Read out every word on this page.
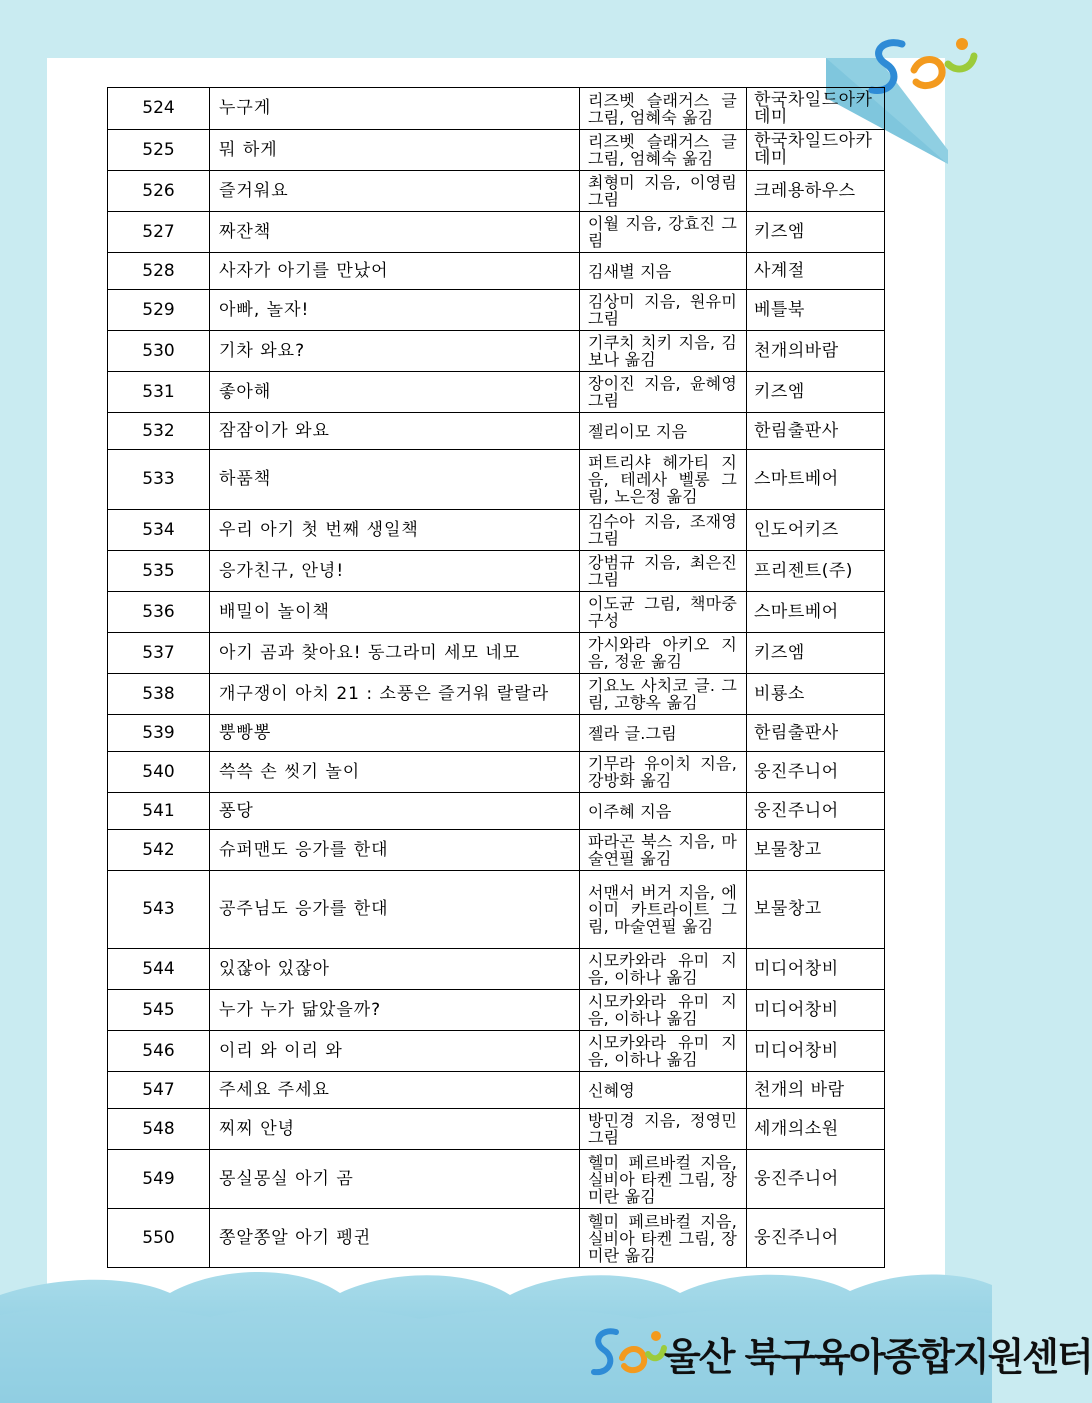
524	누구게	리즈벳 슬래거스 글 그림, 엄혜숙 옮김	한국차일드아카데미
525	뭐 하게	리즈벳 슬래거스 글 그림, 엄혜숙 옮김	한국차일드아카데미
526	즐거워요	최형미 지음, 이영림 그림	크레용하우스
527	짜잔책	이월 지음, 강효진 그림	키즈엠
528	사자가 아기를 만났어	김새별 지음	사계절
529	아빠, 놀자!	김상미 지음, 원유미 그림	베틀북
530	기차 와요?	기쿠치 치키 지음, 김보나 옮김	천개의바람
531	좋아해	장이진 지음, 윤혜영 그림	키즈엠
532	잠잠이가 와요	젤리이모 지음	한림출판사
533	하품책	퍼트리샤 헤가티 지음, 테레사 벨롱 그림, 노은정 옮김	스마트베어
534	우리 아기 첫 번째 생일책	김수아 지음, 조재영 그림	인도어키즈
535	응가친구, 안녕!	강범규 지음, 최은진 그림	프리젠트(주)
536	배밀이 놀이책	이도균 그림, 책마중 구성	스마트베어
537	아기 곰과 찾아요! 동그라미 세모 네모	가시와라 아키오 지음, 정윤 옮김	키즈엠
538	개구쟁이 아치 21 : 소풍은 즐거워 랄랄라	기요노 사치코 글. 그림, 고향옥 옮김	비룡소
539	뿡빵뽕	젤라 글.그림	한림출판사
540	쓱쓱 손 씻기 놀이	기무라 유이치 지음, 강방화 옮김	웅진주니어
541	퐁당	이주혜 지음	웅진주니어
542	슈퍼맨도 응가를 한대	파라곤 북스 지음, 마술연필 옮김	보물창고
543	공주님도 응가를 한대	서맨서 버거 지음, 에이미 카트라이트 그림, 마술연필 옮김	보물창고
544	있잖아 있잖아	시모카와라 유미 지음, 이하나 옮김	미디어창비
545	누가 누가 닮았을까?	시모카와라 유미 지음, 이하나 옮김	미디어창비
546	이리 와 이리 와	시모카와라 유미 지음, 이하나 옮김	미디어창비
547	주세요 주세요	신혜영	천개의 바람
548	찌찌 안녕	방민경 지음, 정영민 그림	세개의소원
549	몽실몽실 아기 곰	헬미 페르바컬 지음, 실비아 타켄 그림, 장미란 옮김	웅진주니어
550	쫑알쫑알 아기 펭귄	헬미 페르바컬 지음, 실비아 타켄 그림, 장미란 옮김	웅진주니어
울산 북구육아종합지원센터
